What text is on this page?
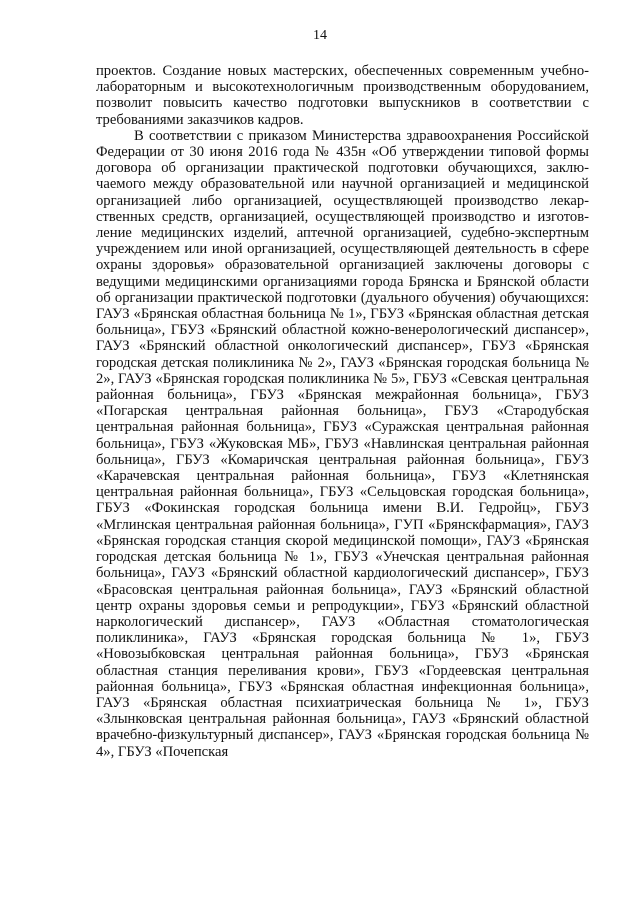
14

проектов. Создание новых мастерских, обеспеченных современным учебно-лабораторным и высокотехнологичным производственным оборудованием, позволит повысить качество подготовки выпускников в соответствии с требованиями заказчиков кадров.

В соответствии с приказом Министерства здравоохранения Российской Федерации от 30 июня 2016 года № 435н «Об утверждении типовой формы договора об организации практической подготовки обучающихся, заключаемого между образовательной или научной организацией и медицинской организацией либо организацией, осуществляющей производство лекарственных средств, организацией, осуществляющей производство и изготовление медицинских изделий, аптечной организацией, судебно-экспертным учреждением или иной организацией, осуществляющей деятельность в сфере охраны здоровья» образовательной организацией заключены договоры с ведущими медицинскими организациями города Брянска и Брянской области об организации практической подготовки (дуального обучения) обучающихся: ГАУЗ «Брянская областная больница № 1», ГБУЗ «Брянская областная детская больница», ГБУЗ «Брянский областной кожно-венерологический диспансер», ГАУЗ «Брянский областной онкологический диспансер», ГБУЗ «Брянская городская детская поликлиника № 2», ГАУЗ «Брянская городская больница № 2», ГАУЗ «Брянская городская поликлиника № 5», ГБУЗ «Севская центральная районная больница», ГБУЗ «Брянская межрайонная больница», ГБУЗ «Погарская центральная районная больница», ГБУЗ «Стародубская центральная районная больница», ГБУЗ «Суражская центральная районная больница», ГБУЗ «Жуковская МБ», ГБУЗ «Навлинская центральная районная больница», ГБУЗ «Комаричская центральная районная больница», ГБУЗ «Карачевская центральная районная больница», ГБУЗ «Клетнянская центральная районная больница», ГБУЗ «Сельцовская городская больница», ГБУЗ «Фокинская городская больница имени В.И. Гедройц», ГБУЗ «Мглинская центральная районная больница», ГУП «Брянскфармация», ГАУЗ «Брянская городская станция скорой медицинской помощи», ГАУЗ «Брянская городская детская больница № 1», ГБУЗ «Унечская центральная районная больница», ГАУЗ «Брянский областной кардиологический диспансер», ГБУЗ «Брасовская центральная районная больница», ГАУЗ «Брянский областной центр охраны здоровья семьи и репродукции», ГБУЗ «Брянский областной наркологический диспансер», ГАУЗ «Областная стоматологическая поликлиника», ГАУЗ «Брянская городская больница № 1», ГБУЗ «Новозыбковская центральная районная больница», ГБУЗ «Брянская областная станция переливания крови», ГБУЗ «Гордеевская центральная районная больница», ГБУЗ «Брянская областная инфекционная больница», ГАУЗ «Брянская областная психиатрическая больница № 1», ГБУЗ «Злынковская центральная районная больница», ГАУЗ «Брянский областной врачебно-физкультурный диспансер», ГАУЗ «Брянская городская больница № 4», ГБУЗ «Почепская
